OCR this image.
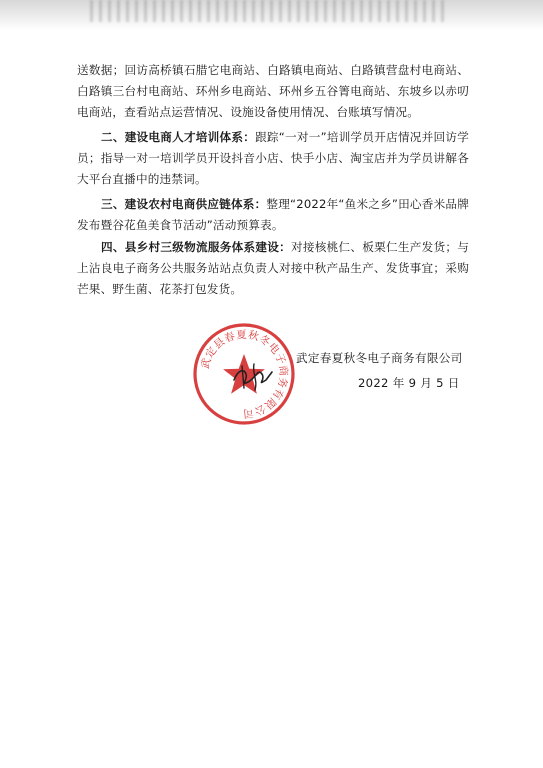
送数据；回访高桥镇石腊它电商站、白路镇电商站、白路镇营盘村电商站、白路镇三台村电商站、环州乡电商站、环州乡五谷箐电商站、东坡乡以赤叨电商站，查看站点运营情况、设施设备使用情况、台账填写情况。
二、建设电商人才培训体系：跟踪“一对一”培训学员开店情况并回访学员；指导一对一培训学员开设抖音小店、快手小店、淘宝店并为学员讲解各大平台直播中的违禁词。
三、建设农村电商供应链体系：整理“2022年“鱼米之乡”田心香米品牌发布暨谷花鱼美食节活动”活动预算表。
四、县乡村三级物流服务体系建设：对接核桃仁、板栗仁生产发货；与上沾良电子商务公共服务站站点负责人对接中秋产品生产、发货事宜；采购芒果、野生菌、花茶打包发货。
武定县春夏秋冬电子商务有限公司
武定春夏秋冬电子商务有限公司
2022 年 9 月 5 日
